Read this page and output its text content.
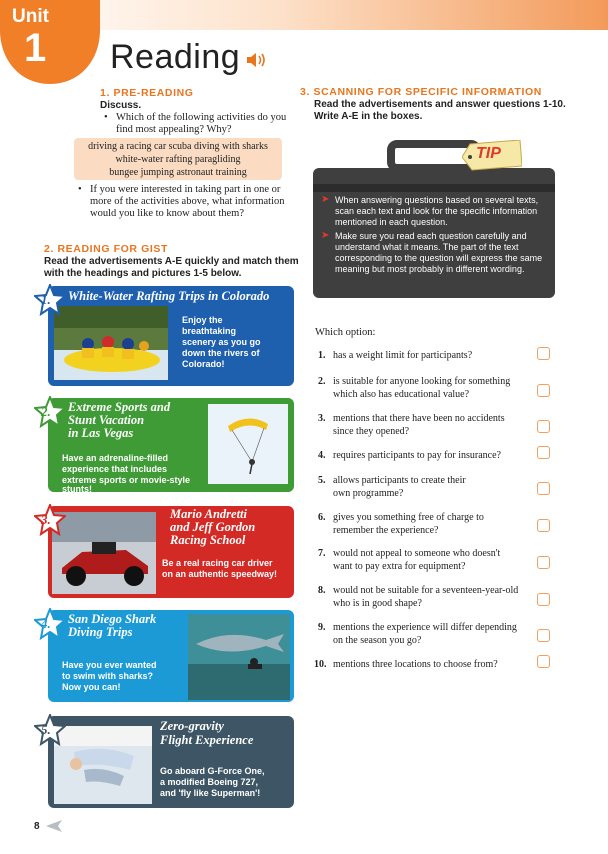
Unit
1 Reading
1. PRE-READING
Discuss.
• Which of the following activities do you
find most appealing? Why?
driving a racing car scuba diving with sharks
white-water rafting paragliding
bungee jumping astronaut training
• If you were interested in taking part in one or
more of the activities above, what information
would you like to know about them?
2. READING FOR GIST
Read the advertisements A-E quickly and match them
with the headings and pictures 1-5 below.
Enjoy the
breathtaking
scenery as you go
down the rivers of
Colorado!
White-Water Rafting Trips in Colorado
Have an adrenaline-filled
experience that includes
extreme sports or movie-style
stunts!
Extreme Sports and
Stunt Vacation
in Las Vegas
Be a real racing car driver
on an authentic speedway!
Mario Andretti
and Jeff Gordon
Racing School
Have you ever wanted
to swim with sharks?
Now you can!
San Diego Shark
Diving Trips
Go aboard G-Force One,
a modified Boeing 727,
and 'fly like Superman'!
Zero-gravity
Flight Experience
1.
2.
3.
4.
5.
3. SCANNING FOR SPECIFIC INFORMATION
Read the advertisements and answer questions 1-10.
Write A-E in the boxes.
TIP
➤ When answering questions based on several texts,
scan each text and look for the specific information
mentioned in each question.
➤ Make sure you read each question carefully and
understand what it means. The part of the text
corresponding to the question will express the same
meaning but most probably in different wording.
Which option:
1. has a weight limit for participants?
2. is suitable for anyone looking for something
which also has educational value?
3. mentions that there have been no accidents
since they opened?
4. requires participants to pay for insurance?
5. allows participants to create their
own programme?
6. gives you something free of charge to
remember the experience?
7. would not appeal to someone who doesn't
want to pay extra for equipment?
8. would not be suitable for a seventeen-year-old
who is in good shape?
9. mentions the experience will differ depending
on the season you go?
10. mentions three locations to choose from?
8
